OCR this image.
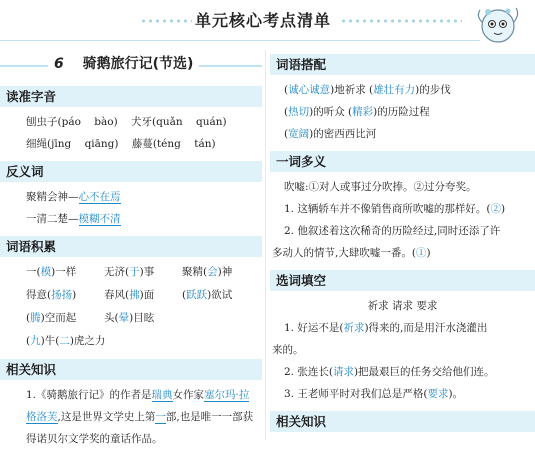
单元核心考点清单
6 骑鹅旅行记(节选)
读准字音
刨虫子(páo bào) 犬牙(quǎn quán)
细绳(jīng qiāng) 藤蔓(téng tán)
反义词
聚精会神—心不在焉
一清二楚—模糊不清
词语积累
一(模)一样	无济(于)事	聚精(会)神
得意(扬扬)	春风(拂)面	(跃跃)欲试
(腾)空而起	头(晕)目眩
(九)牛(二)虎之力
相关知识
1.《骑鹅旅行记》的作者是瑞典女作家塞尔玛·拉格洛芙,这是世界文学史上第一部,也是唯一一部获得诺贝尔文学奖的童话作品。
词语搭配
(诚心诚意)地祈求 (雄壮有力)的步伐
(热切)的听众 (精彩)的历险过程
(宽阔)的密西西比河
一词多义
吹嘘:①对人或事过分吹捧。②过分夸奖。
1. 这辆轿车并不像销售商所吹嘘的那样好。(②)
2. 他叙述着这次稀奇的历险经过,同时还添了许
多动人的情节,大肆吹嘘一番。(①)
选词填空
祈求 请求 要求
1. 好运不是(祈求)得来的,而是用汗水浇灌出
来的。
2. 张连长(请求)把最艰巨的任务交给他们连。
3. 王老师平时对我们总是严格(要求)。
相关知识
